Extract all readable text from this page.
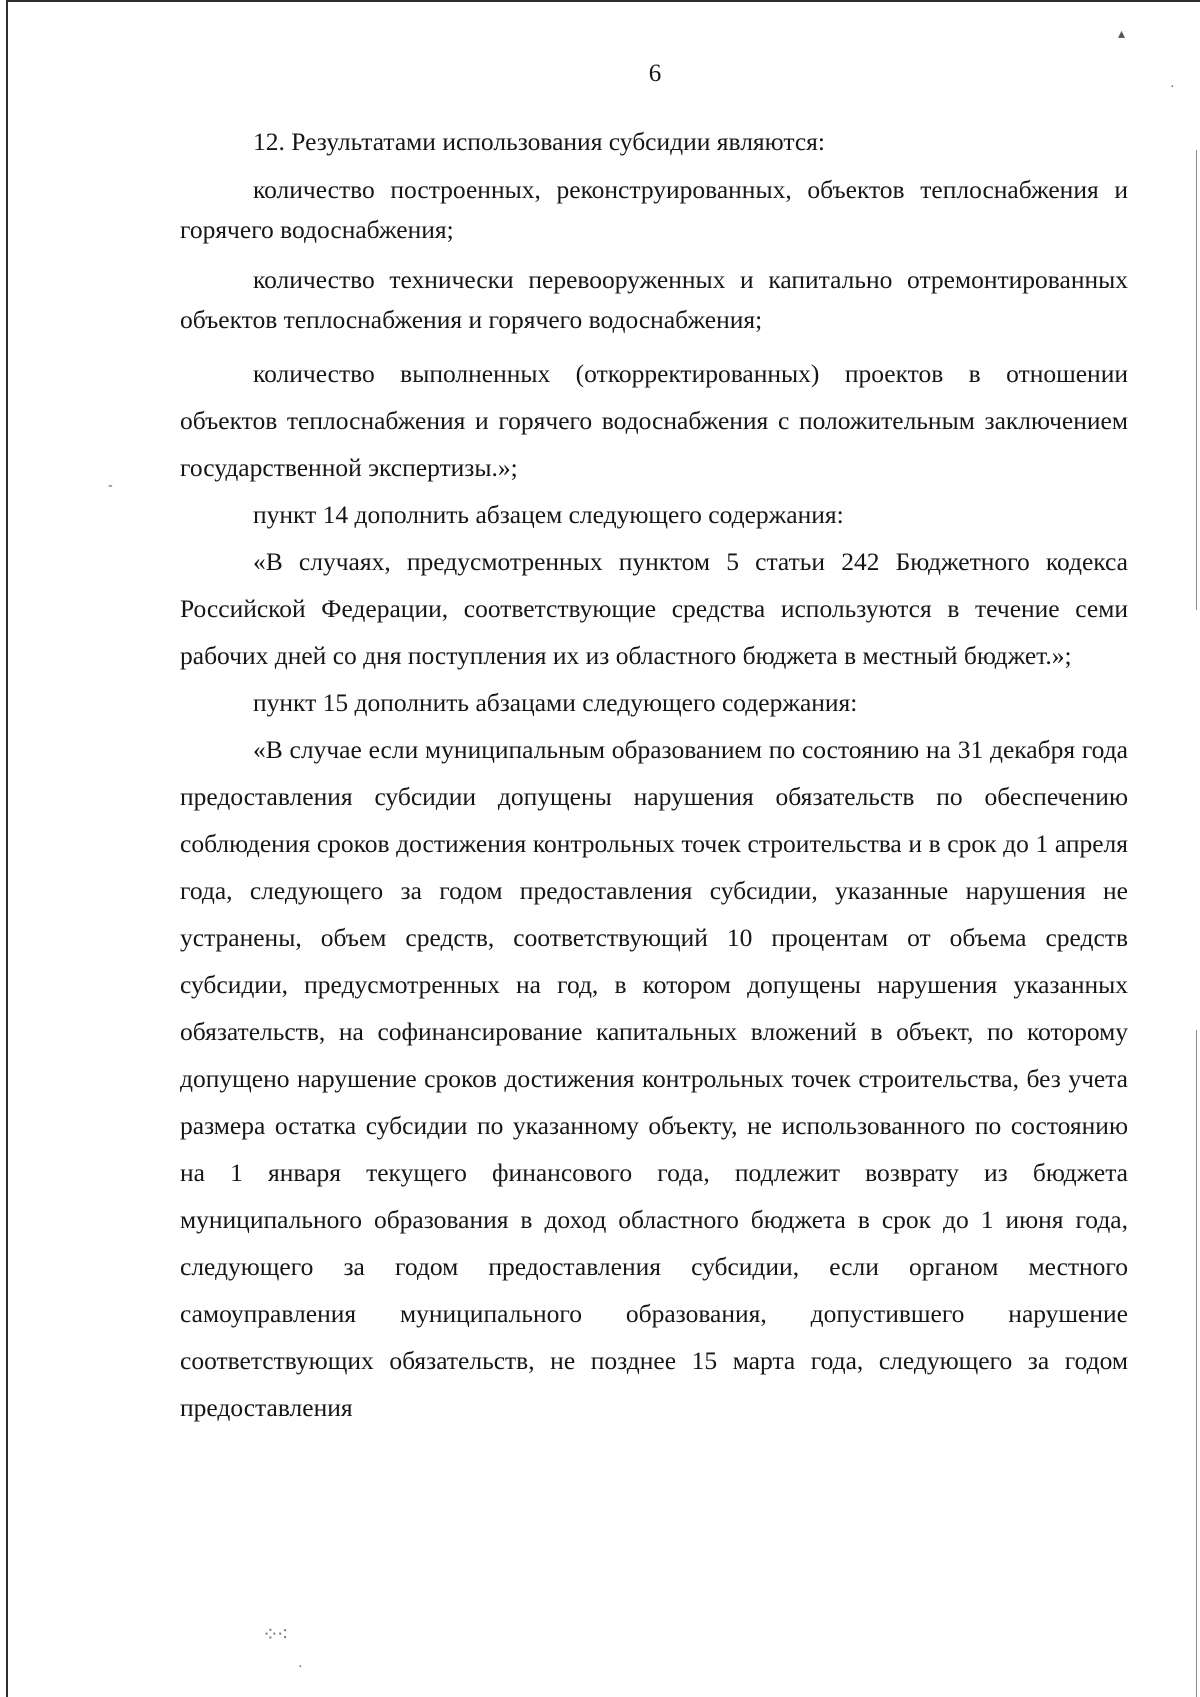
6

12. Результатами использования субсидии являются:

количество построенных, реконструированных, объектов теплоснабжения и горячего водоснабжения;

количество технически перевооруженных и капитально отремонтированных объектов теплоснабжения и горячего водоснабжения;

количество выполненных (откорректированных) проектов в отношении объектов теплоснабжения и горячего водоснабжения с положительным заключением государственной экспертизы.»;

пункт 14 дополнить абзацем следующего содержания:

«В случаях, предусмотренных пунктом 5 статьи 242 Бюджетного кодекса Российской Федерации, соответствующие средства используются в течение семи рабочих дней со дня поступления их из областного бюджета в местный бюджет.»;

пункт 15 дополнить абзацами следующего содержания:

«В случае если муниципальным образованием по состоянию на 31 декабря года предоставления субсидии допущены нарушения обязательств по обеспечению соблюдения сроков достижения контрольных точек строительства и в срок до 1 апреля года, следующего за годом предоставления субсидии, указанные нарушения не устранены, объем средств, соответствующий 10 процентам от объема средств субсидии, предусмотренных на год, в котором допущены нарушения указанных обязательств, на софинансирование капитальных вложений в объект, по которому допущено нарушение сроков достижения контрольных точек строительства, без учета размера остатка субсидии по указанному объекту, не использованного по состоянию на 1 января текущего финансового года, подлежит возврату из бюджета муниципального образования в доход областного бюджета в срок до 1 июня года, следующего за годом предоставления субсидии, если органом местного самоуправления муниципального образования, допустившего нарушение соответствующих обязательств, не позднее 15 марта года, следующего за годом предоставления

▴
·
-
⁘⁖
·
